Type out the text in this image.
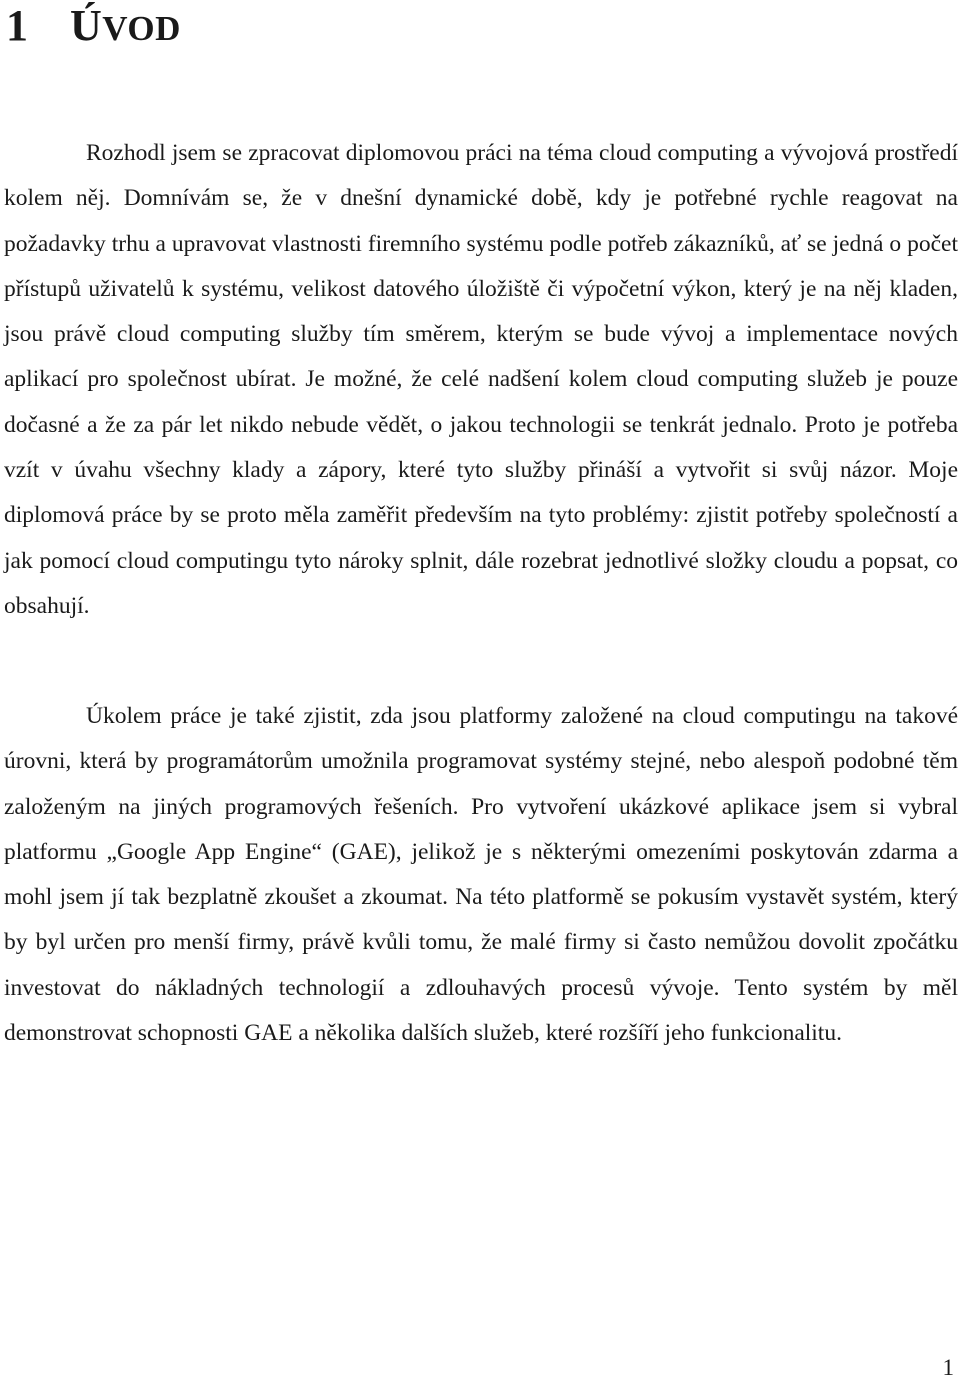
1 ÚVOD

Rozhodl jsem se zpracovat diplomovou práci na téma cloud computing a vývojová prostředí kolem něj. Domnívám se, že v dnešní dynamické době, kdy je potřebné rychle reagovat na požadavky trhu a upravovat vlastnosti firemního systému podle potřeb zákazníků, ať se jedná o počet přístupů uživatelů k systému, velikost datového úložiště či výpočetní výkon, který je na něj kladen, jsou právě cloud computing služby tím směrem, kterým se bude vývoj a implementace nových aplikací pro společnost ubírat. Je možné, že celé nadšení kolem cloud computing služeb je pouze dočasné a že za pár let nikdo nebude vědět, o jakou technologii se tenkrát jednalo. Proto je potřeba vzít v úvahu všechny klady a zápory, které tyto služby přináší a vytvořit si svůj názor. Moje diplomová práce by se proto měla zaměřit především na tyto problémy: zjistit potřeby společností a jak pomocí cloud computingu tyto nároky splnit, dále rozebrat jednotlivé složky cloudu a popsat, co obsahují.

Úkolem práce je také zjistit, zda jsou platformy založené na cloud computingu na takové úrovni, která by programátorům umožnila programovat systémy stejné, nebo alespoň podobné těm založeným na jiných programových řešeních. Pro vytvoření ukázkové aplikace jsem si vybral platformu „Google App Engine“ (GAE), jelikož je s některými omezeními poskytován zdarma a mohl jsem jí tak bezplatně zkoušet a zkoumat. Na této platformě se pokusím vystavět systém, který by byl určen pro menší firmy, právě kvůli tomu, že malé firmy si často nemůžou dovolit zpočátku investovat do nákladných technologií a zdlouhavých procesů vývoje. Tento systém by měl demonstrovat schopnosti GAE a několika dalších služeb, které rozšíří jeho funkcionalitu.

1
